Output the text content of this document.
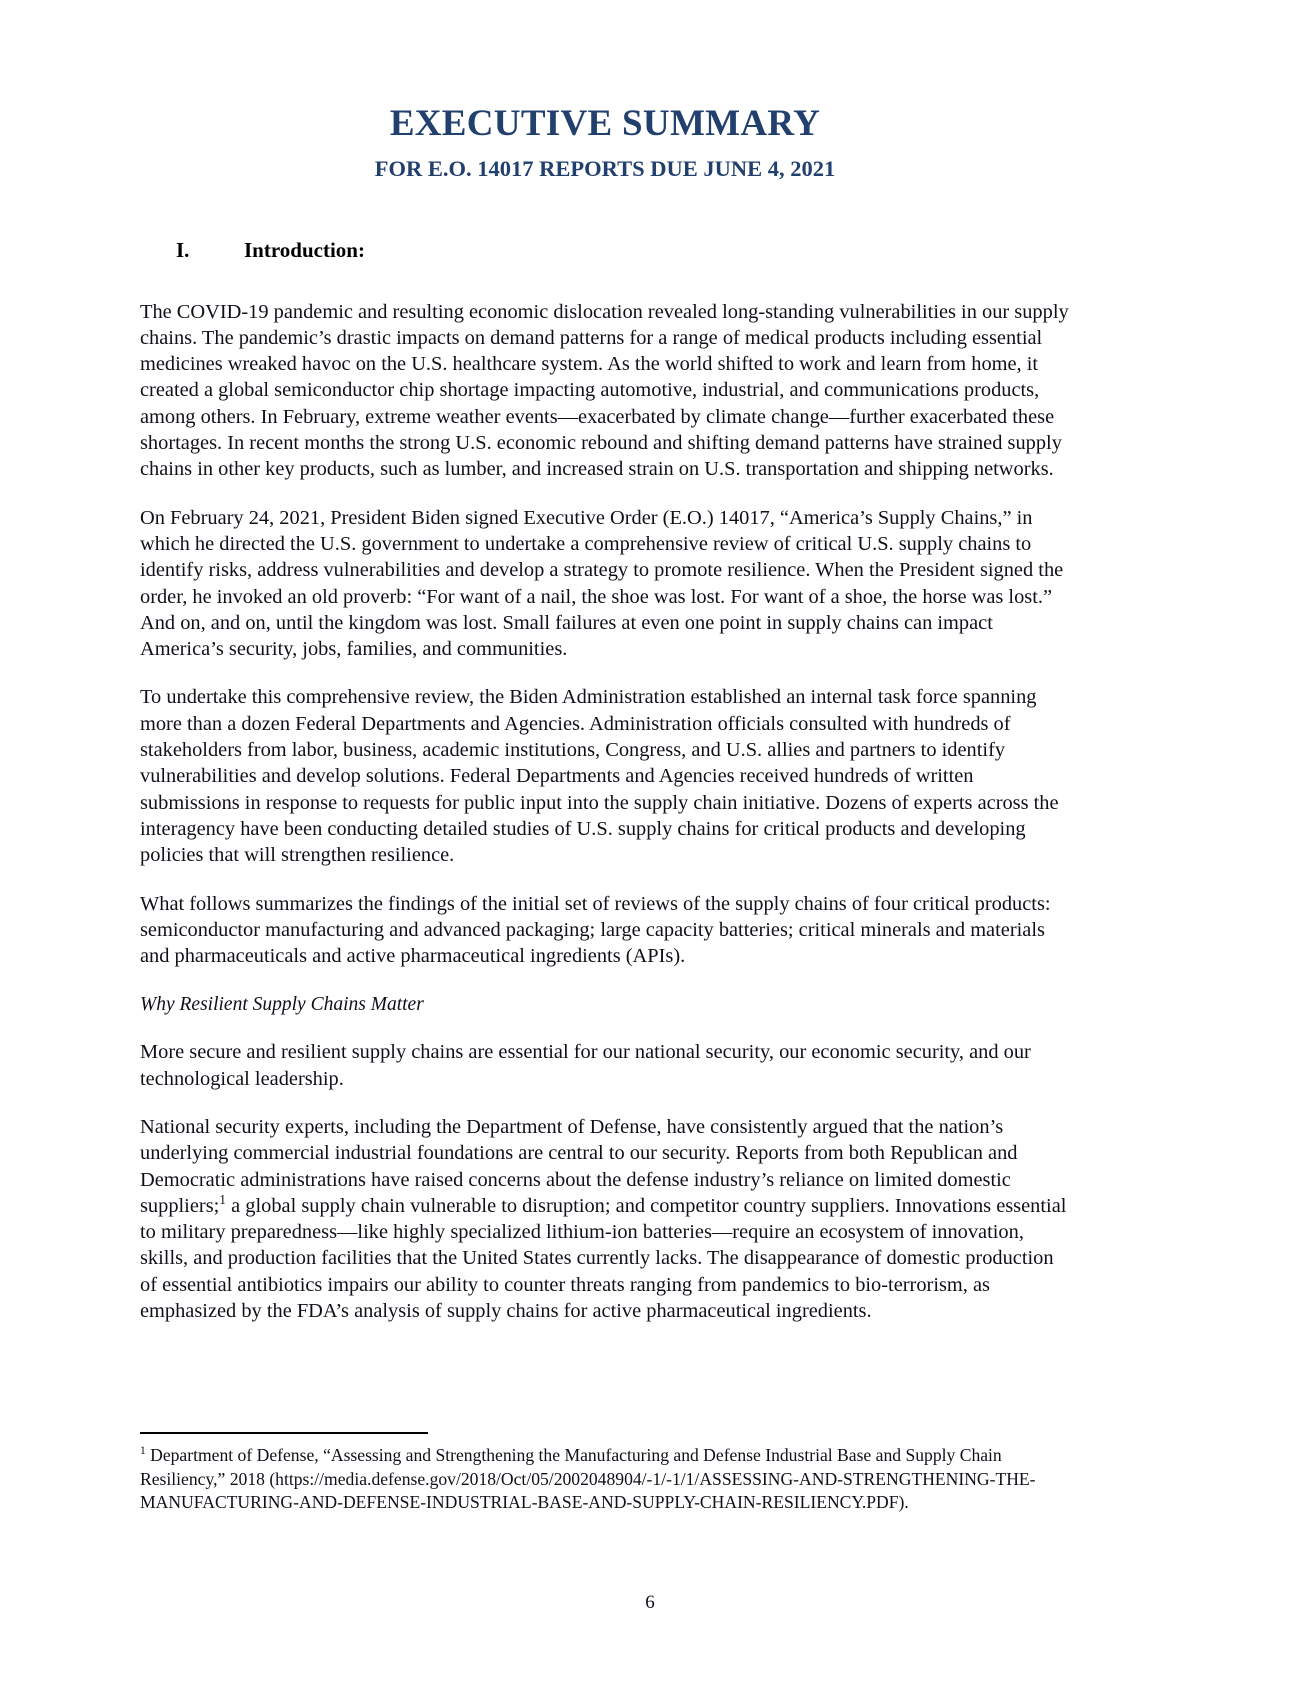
EXECUTIVE SUMMARY
FOR E.O. 14017 REPORTS DUE JUNE 4, 2021
I.	Introduction:

The COVID-19 pandemic and resulting economic dislocation revealed long-standing vulnerabilities in our supply chains. The pandemic’s drastic impacts on demand patterns for a range of medical products including essential medicines wreaked havoc on the U.S. healthcare system. As the world shifted to work and learn from home, it created a global semiconductor chip shortage impacting automotive, industrial, and communications products, among others. In February, extreme weather events—exacerbated by climate change—further exacerbated these shortages. In recent months the strong U.S. economic rebound and shifting demand patterns have strained supply chains in other key products, such as lumber, and increased strain on U.S. transportation and shipping networks.

On February 24, 2021, President Biden signed Executive Order (E.O.) 14017, “America’s Supply Chains,” in which he directed the U.S. government to undertake a comprehensive review of critical U.S. supply chains to identify risks, address vulnerabilities and develop a strategy to promote resilience. When the President signed the order, he invoked an old proverb: “For want of a nail, the shoe was lost. For want of a shoe, the horse was lost.” And on, and on, until the kingdom was lost. Small failures at even one point in supply chains can impact America’s security, jobs, families, and communities.

To undertake this comprehensive review, the Biden Administration established an internal task force spanning more than a dozen Federal Departments and Agencies. Administration officials consulted with hundreds of stakeholders from labor, business, academic institutions, Congress, and U.S. allies and partners to identify vulnerabilities and develop solutions. Federal Departments and Agencies received hundreds of written submissions in response to requests for public input into the supply chain initiative. Dozens of experts across the interagency have been conducting detailed studies of U.S. supply chains for critical products and developing policies that will strengthen resilience.

What follows summarizes the findings of the initial set of reviews of the supply chains of four critical products: semiconductor manufacturing and advanced packaging; large capacity batteries; critical minerals and materials and pharmaceuticals and active pharmaceutical ingredients (APIs).

Why Resilient Supply Chains Matter

More secure and resilient supply chains are essential for our national security, our economic security, and our technological leadership.

National security experts, including the Department of Defense, have consistently argued that the nation’s underlying commercial industrial foundations are central to our security. Reports from both Republican and Democratic administrations have raised concerns about the defense industry’s reliance on limited domestic suppliers;$^1$ a global supply chain vulnerable to disruption; and competitor country suppliers. Innovations essential to military preparedness—like highly specialized lithium-ion batteries—require an ecosystem of innovation, skills, and production facilities that the United States currently lacks. The disappearance of domestic production of essential antibiotics impairs our ability to counter threats ranging from pandemics to bio-terrorism, as emphasized by the FDA’s analysis of supply chains for active pharmaceutical ingredients.

$^1$ Department of Defense, “Assessing and Strengthening the Manufacturing and Defense Industrial Base and Supply Chain Resiliency,” 2018 (https://media.defense.gov/2018/Oct/05/2002048904/-1/-1/1/ASSESSING-AND-STRENGTHENING-THE-MANUFACTURING-AND-DEFENSE-INDUSTRIAL-BASE-AND-SUPPLY-CHAIN-RESILIENCY.PDF).

6
